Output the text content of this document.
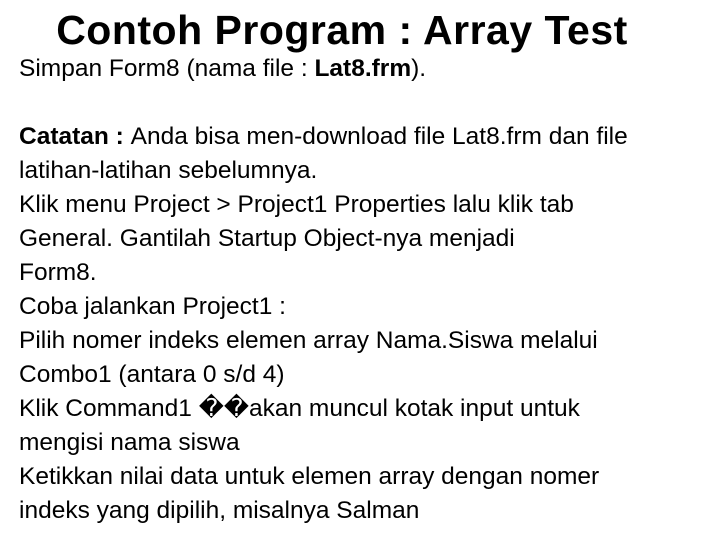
Contoh Program : Array Test
Simpan Form8 (nama file : Lat8.frm).
Catatan : Anda bisa men-download file Lat8.frm dan file
latihan-latihan sebelumnya.
Klik menu Project > Project1 Properties lalu klik tab
General. Gantilah Startup Object-nya menjadi
Form8.
Coba jalankan Project1 :
Pilih nomer indeks elemen array Nama.Siswa melalui
Combo1 (antara 0 s/d 4)
Klik Command1 ��akan muncul kotak input untuk
mengisi nama siswa
Ketikkan nilai data untuk elemen array dengan nomer
indeks yang dipilih, misalnya Salman
